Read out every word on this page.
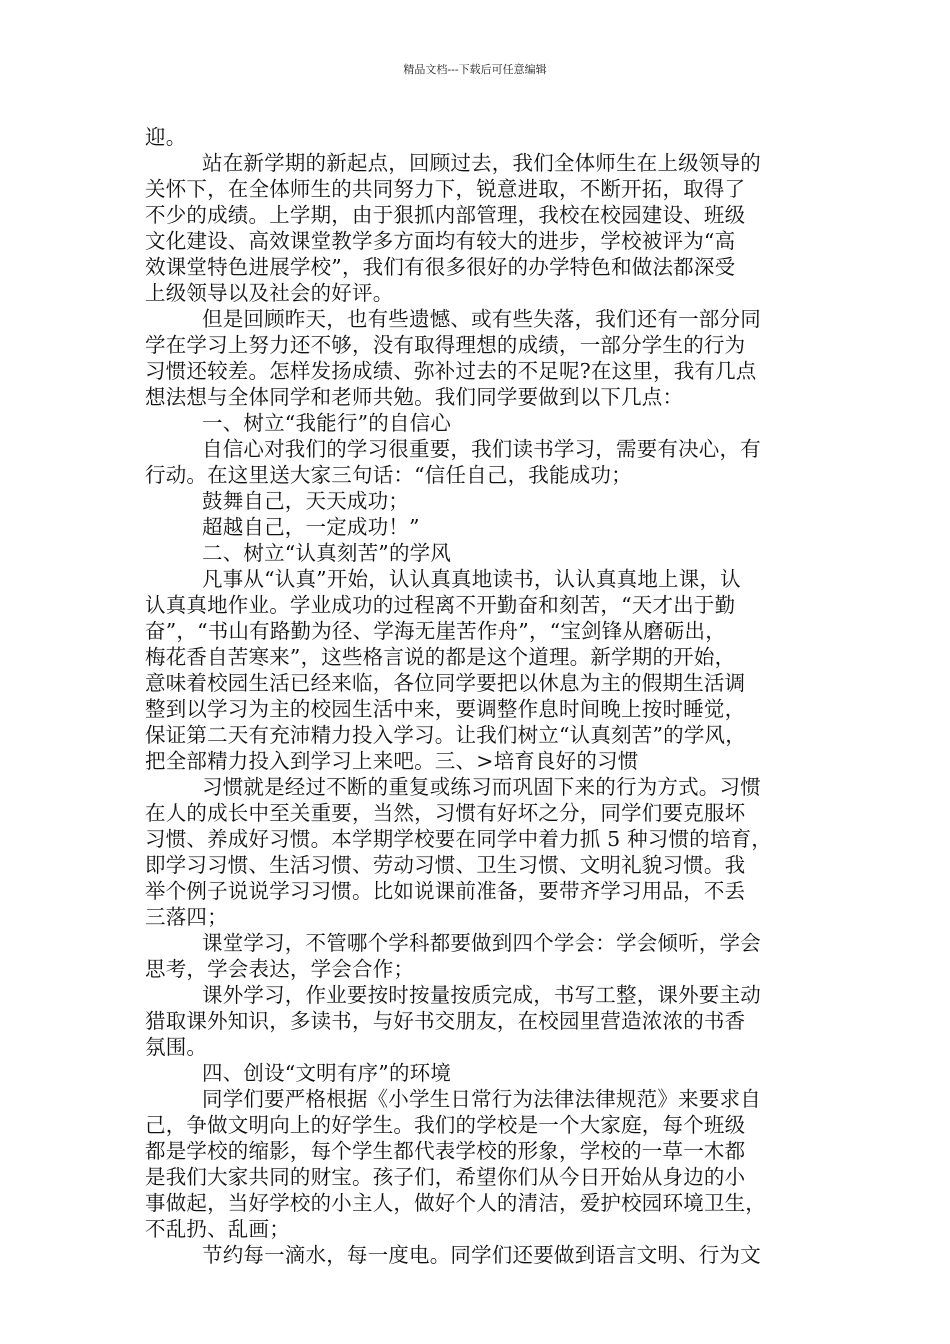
精品文档---下载后可任意编辑
迎。
站在新学期的新起点，回顾过去，我们全体师生在上级领导的
关怀下，在全体师生的共同努力下，锐意进取，不断开拓，取得了
不少的成绩。上学期，由于狠抓内部管理，我校在校园建设、班级
文化建设、高效课堂教学多方面均有较大的进步，学校被评为“高
效课堂特色进展学校”，我们有很多很好的办学特色和做法都深受
上级领导以及社会的好评。
但是回顾昨天，也有些遗憾、或有些失落，我们还有一部分同
学在学习上努力还不够，没有取得理想的成绩，一部分学生的行为
习惯还较差。怎样发扬成绩、弥补过去的不足呢?在这里，我有几点
想法想与全体同学和老师共勉。我们同学要做到以下几点：
一、树立“我能行”的自信心
自信心对我们的学习很重要，我们读书学习，需要有决心，有
行动。在这里送大家三句话：“信任自己，我能成功；
鼓舞自己，天天成功；
超越自己，一定成功！”
二、树立“认真刻苦”的学风
凡事从“认真”开始，认认真真地读书，认认真真地上课，认
认真真地作业。学业成功的过程离不开勤奋和刻苦，“天才出于勤
奋”，“书山有路勤为径、学海无崖苦作舟”，“宝剑锋从磨砺出，
梅花香自苦寒来”，这些格言说的都是这个道理。新学期的开始，
意味着校园生活已经来临，各位同学要把以休息为主的假期生活调
整到以学习为主的校园生活中来，要调整作息时间晚上按时睡觉，
保证第二天有充沛精力投入学习。让我们树立“认真刻苦”的学风，
把全部精力投入到学习上来吧。三、>培育良好的习惯
习惯就是经过不断的重复或练习而巩固下来的行为方式。习惯
在人的成长中至关重要，当然，习惯有好坏之分，同学们要克服坏
习惯、养成好习惯。本学期学校要在同学中着力抓 5 种习惯的培育，
即学习习惯、生活习惯、劳动习惯、卫生习惯、文明礼貌习惯。我
举个例子说说学习习惯。比如说课前准备，要带齐学习用品，不丢
三落四；
课堂学习，不管哪个学科都要做到四个学会：学会倾听，学会
思考，学会表达，学会合作；
课外学习，作业要按时按量按质完成，书写工整，课外要主动
猎取课外知识，多读书，与好书交朋友，在校园里营造浓浓的书香
氛围。
四、创设“文明有序”的环境
同学们要严格根据《小学生日常行为法律法律规范》来要求自
己，争做文明向上的好学生。我们的学校是一个大家庭，每个班级
都是学校的缩影，每个学生都代表学校的形象，学校的一草一木都
是我们大家共同的财宝。孩子们，希望你们从今日开始从身边的小
事做起，当好学校的小主人，做好个人的清洁，爱护校园环境卫生，
不乱扔、乱画；
节约每一滴水，每一度电。同学们还要做到语言文明、行为文
